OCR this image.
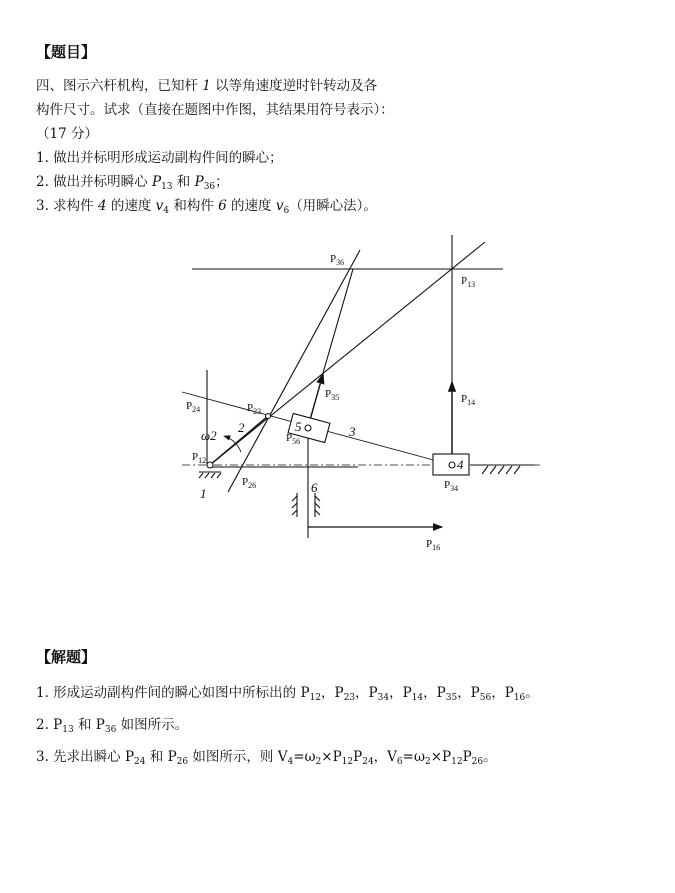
【题目】
四、图示六杆机构，已知杆 1 以等角速度逆时针转动及各
构件尺寸。试求（直接在题图中作图，其结果用符号表示）：
（17 分）
1. 做出并标明形成运动副构件间的瞬心；
2. 做出并标明瞬心 $P_{13}$ 和 $P_{36}$；
3. 求构件 4 的速度 $v_4$ 和构件 6 的速度 $v_6$（用瞬心法）。
$P_{36}$
$P_{13}$
$P_{35}$	$P_{14}$
$P_{24}$	$P_{23}$
$P_{56}$
$P_{12}$
$P_{26}$	$P_{34}$
$P_{16}$
1
2	3
4
5
6
ω2
【解题】
1. 形成运动副构件间的瞬心如图中所标出的 $P_{12}$，$P_{23}$，$P_{34}$，$P_{14}$，$P_{35}$，$P_{56}$，$P_{16}$。
2. $P_{13}$ 和 $P_{36}$ 如图所示。
3. 先求出瞬心 $P_{24}$ 和 $P_{26}$ 如图所示，则 $V_4=\omega_2\times P_{12}P_{24}$，$V_6=\omega_2\times P_{12}P_{26}$。
